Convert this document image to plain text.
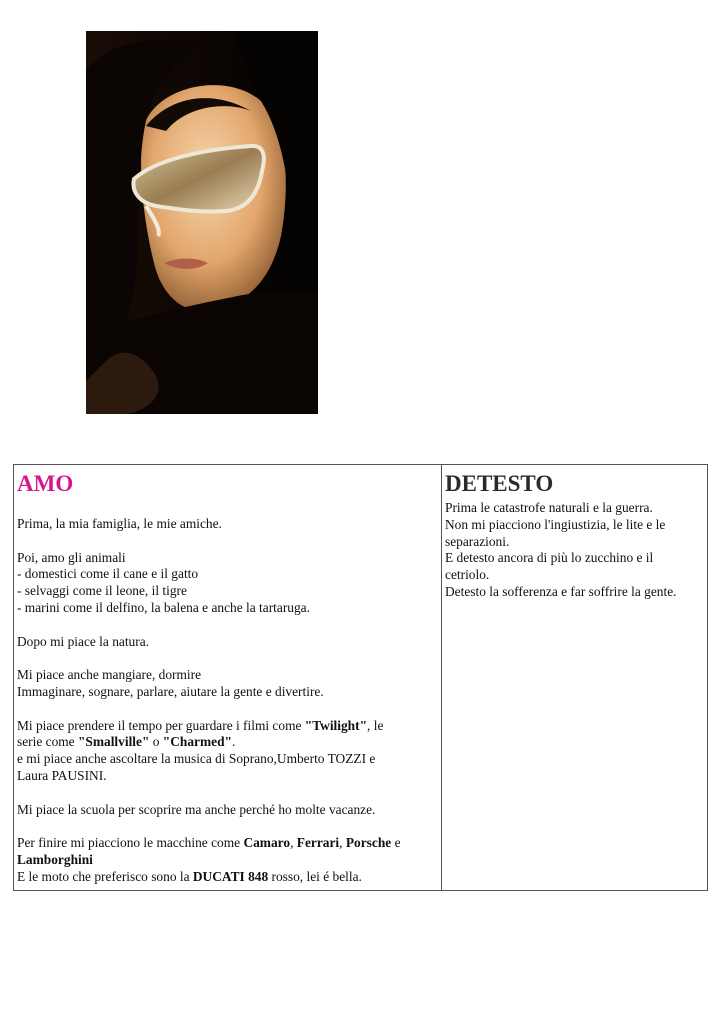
AMO
Prima, la mia famiglia, le mie amiche.
Poi, amo gli animali
- domestici come il cane e il gatto
- selvaggi come il leone, il tigre
- marini come il delfino, la balena e anche la tartaruga.
Dopo mi piace la natura.
Mi piace anche mangiare, dormire
Immaginare, sognare, parlare, aiutare la gente e divertire.
Mi piace prendere il tempo per guardare i filmi come "Twilight", le
serie come "Smallville" o "Charmed".
e mi piace anche ascoltare la musica di Soprano,Umberto TOZZI e
Laura PAUSINI.
Mi piace la scuola per scoprire ma anche perché ho molte vacanze.
Per finire mi piacciono le macchine come Camaro, Ferrari, Porsche e
Lamborghini
E le moto che preferisco sono la DUCATI 848 rosso, lei é bella.

DETESTO
Prima le catastrofe naturali e la guerra.
Non mi piacciono l'ingiustizia, le lite e le
separazioni.
E detesto ancora di più lo zucchino e il
cetriolo.
Detesto la sofferenza e far soffrire la gente.
